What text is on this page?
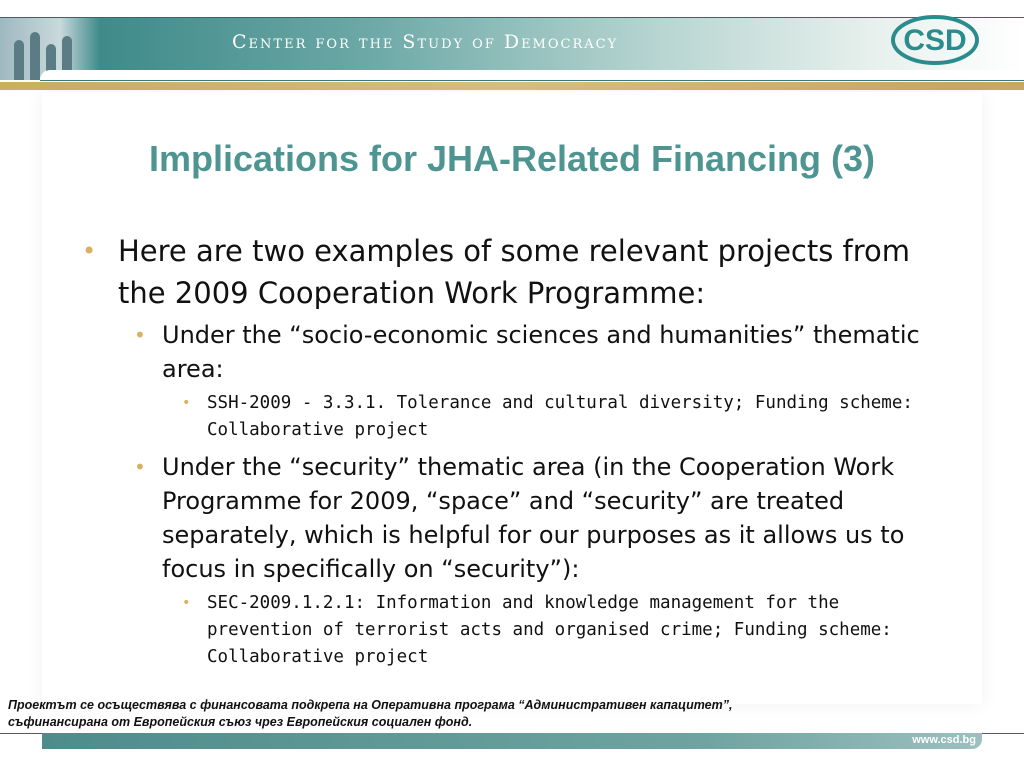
Center for the Study of Democracy	CSD
Implications for JHA-Related Financing (3)
• Here are two examples of some relevant projects from the 2009 Cooperation Work Programme:
• Under the “socio-economic sciences and humanities” thematic area:
• SSH-2009 - 3.3.1. Tolerance and cultural diversity; Funding scheme: Collaborative project
• Under the “security” thematic area (in the Cooperation Work Programme for 2009, “space” and “security” are treated separately, which is helpful for our purposes as it allows us to focus in specifically on “security”):
• SEC-2009.1.2.1: Information and knowledge management for the prevention of terrorist acts and organised crime; Funding scheme: Collaborative project
Проектът се осъществява с финансовата подкрепа на Оперативна програма “Административен капацитет”,
съфинансирана от Европейския съюз чрез Европейския социален фонд.
www.csd.bg
